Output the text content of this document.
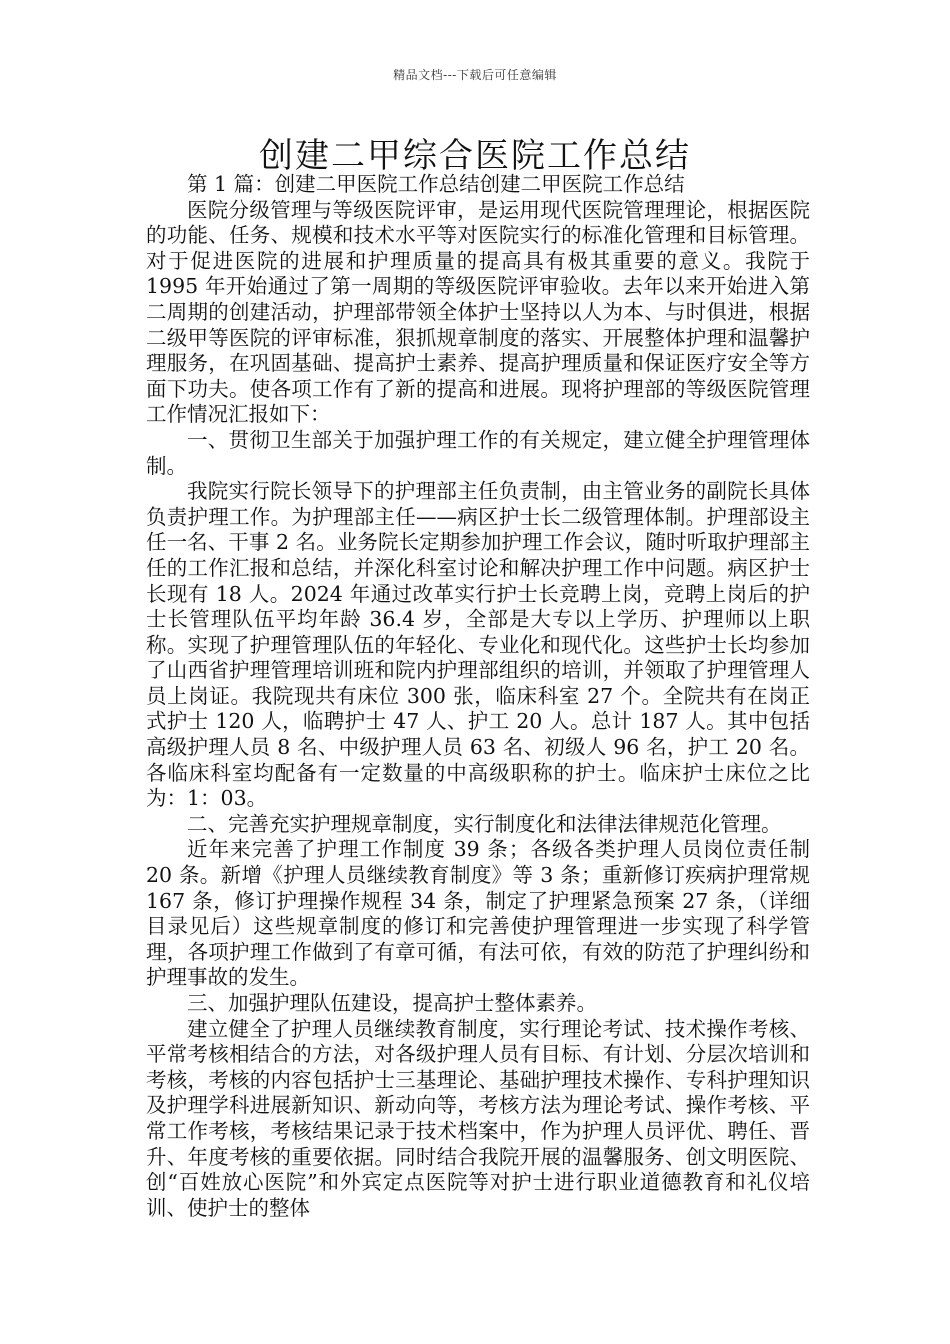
精品文档---下载后可任意编辑
创建二甲综合医院工作总结

第 1 篇：创建二甲医院工作总结创建二甲医院工作总结

医院分级管理与等级医院评审，是运用现代医院管理理论，根据医院的功能、任务、规模和技术水平等对医院实行的标准化管理和目标管理。对于促进医院的进展和护理质量的提高具有极其重要的意义。我院于 1995 年开始通过了第一周期的等级医院评审验收。去年以来开始进入第二周期的创建活动，护理部带领全体护士坚持以人为本、与时俱进，根据二级甲等医院的评审标准，狠抓规章制度的落实、开展整体护理和温馨护理服务，在巩固基础、提高护士素养、提高护理质量和保证医疗安全等方面下功夫。使各项工作有了新的提高和进展。现将护理部的等级医院管理工作情况汇报如下：

一、贯彻卫生部关于加强护理工作的有关规定，建立健全护理管理体制。

我院实行院长领导下的护理部主任负责制，由主管业务的副院长具体负责护理工作。为护理部主任——病区护士长二级管理体制。护理部设主任一名、干事 2 名。业务院长定期参加护理工作会议，随时听取护理部主任的工作汇报和总结，并深化科室讨论和解决护理工作中问题。病区护士长现有 18 人。2024 年通过改革实行护士长竞聘上岗，竞聘上岗后的护士长管理队伍平均年龄 36.4 岁，全部是大专以上学历、护理师以上职称。实现了护理管理队伍的年轻化、专业化和现代化。这些护士长均参加了山西省护理管理培训班和院内护理部组织的培训，并领取了护理管理人员上岗证。我院现共有床位 300 张，临床科室 27 个。全院共有在岗正式护士 120 人，临聘护士 47 人、护工 20 人。总计 187 人。其中包括高级护理人员 8 名、中级护理人员 63 名、初级人 96 名，护工 20 名。各临床科室均配备有一定数量的中高级职称的护士。临床护士床位之比为：1：03。

二、完善充实护理规章制度，实行制度化和法律法律规范化管理。

近年来完善了护理工作制度 39 条；各级各类护理人员岗位责任制 20 条。新增《护理人员继续教育制度》等 3 条；重新修订疾病护理常规 167 条，修订护理操作规程 34 条，制定了护理紧急预案 27 条，（详细目录见后）这些规章制度的修订和完善使护理管理进一步实现了科学管理，各项护理工作做到了有章可循，有法可依，有效的防范了护理纠纷和护理事故的发生。

三、加强护理队伍建设，提高护士整体素养。

建立健全了护理人员继续教育制度，实行理论考试、技术操作考核、平常考核相结合的方法，对各级护理人员有目标、有计划、分层次培训和考核，考核的内容包括护士三基理论、基础护理技术操作、专科护理知识及护理学科进展新知识、新动向等，考核方法为理论考试、操作考核、平常工作考核，考核结果记录于技术档案中，作为护理人员评优、聘任、晋升、年度考核的重要依据。同时结合我院开展的温馨服务、创文明医院、创“百姓放心医院”和外宾定点医院等对护士进行职业道德教育和礼仪培训、使护士的整体
